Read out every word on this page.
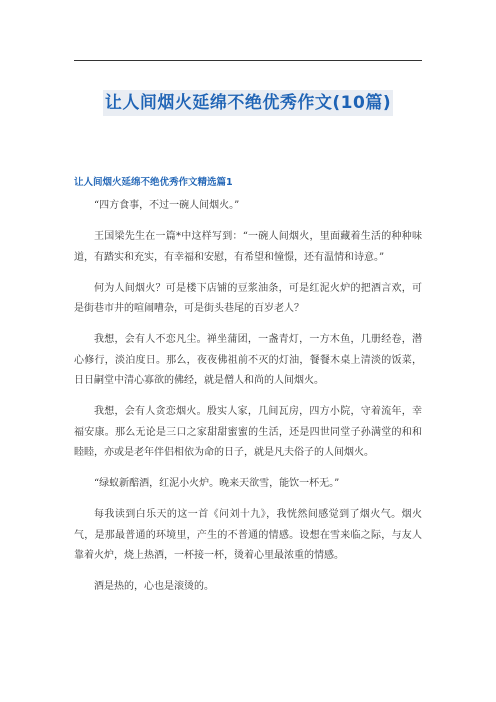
让人间烟火延绵不绝优秀作文(10篇)
让人间烟火延绵不绝优秀作文精选篇1

“四方食事，不过一碗人间烟火。”

王国梁先生在一篇*中这样写到：“一碗人间烟火，里面藏着生活的种种味道，有踏实和充实，有幸福和安慰，有希望和憧憬，还有温情和诗意。”

何为人间烟火？可是楼下店铺的豆浆油条，可是红泥火炉的把酒言欢，可是街巷市井的喧闹嘈杂，可是街头巷尾的百岁老人？

我想，会有人不恋凡尘。禅坐蒲团，一盏青灯，一方木鱼，几册经卷，潜心修行，淡泊度日。那么，夜夜佛祖前不灭的灯油，餐餐木桌上清淡的饭菜，日日嗣堂中清心寡欲的佛经，就是僧人和尚的人间烟火。

我想，会有人贪恋烟火。殷实人家，几间瓦房，四方小院，守着流年，幸福安康。那么无论是三口之家甜甜蜜蜜的生活，还是四世同堂子孙满堂的和和睦睦，亦或是老年伴侣相依为命的日子，就是凡夫俗子的人间烟火。

“绿蚁新醅酒，红泥小火炉。晚来天欲雪，能饮一杯无。”

每我读到白乐天的这一首《问刘十九》，我恍然间感觉到了烟火气。烟火气，是那最普通的环境里，产生的不普通的情感。设想在雪来临之际，与友人靠着火炉，烧上热酒，一杯接一杯，烫着心里最浓重的情感。

酒是热的，心也是滚烫的。
